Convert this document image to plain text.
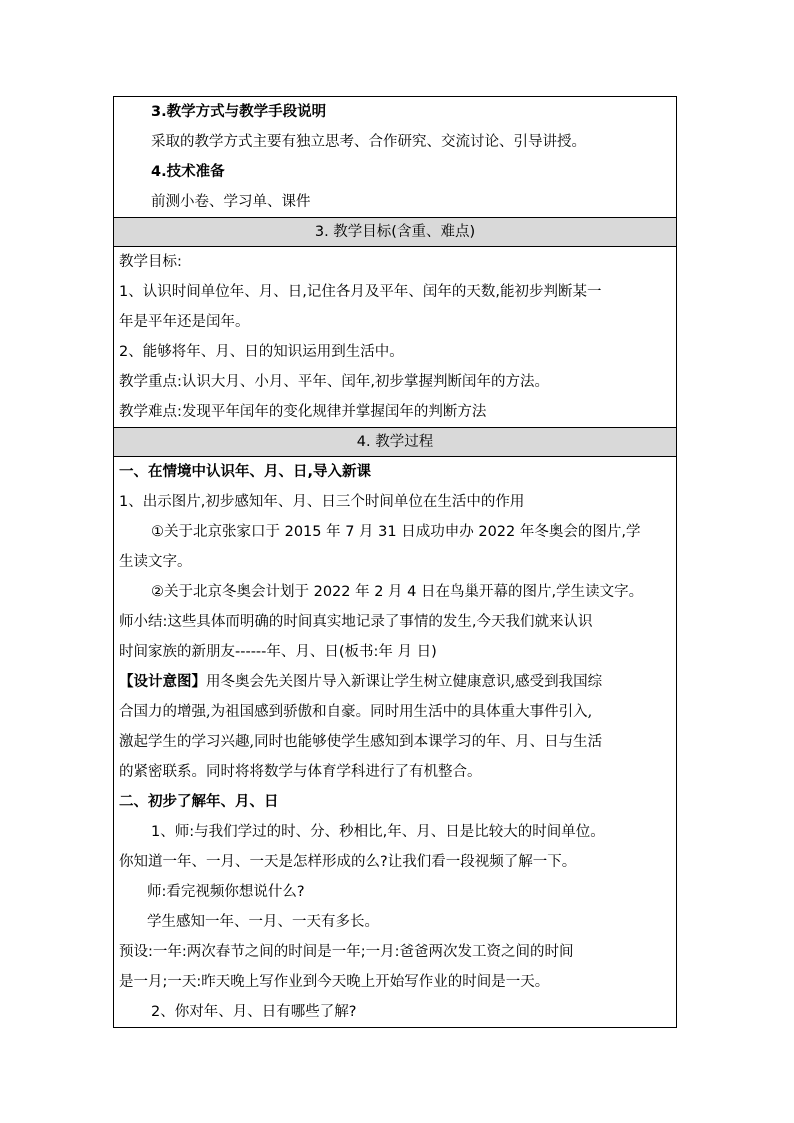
3.教学方式与教学手段说明
采取的教学方式主要有独立思考、合作研究、交流讨论、引导讲授。
4.技术准备
前测小卷、学习单、课件
3. 教学目标(含重、难点)
教学目标:
1、认识时间单位年、月、日,记住各月及平年、闰年的天数,能初步判断某一
年是平年还是闰年。
2、能够将年、月、日的知识运用到生活中。
教学重点:认识大月、小月、平年、闰年,初步掌握判断闰年的方法。
教学难点:发现平年闰年的变化规律并掌握闰年的判断方法
4. 教学过程
一、在情境中认识年、月、日,导入新课
1、出示图片,初步感知年、月、日三个时间单位在生活中的作用
①关于北京张家口于 2015 年 7 月 31 日成功申办 2022 年冬奥会的图片,学
生读文字。
②关于北京冬奥会计划于 2022 年 2 月 4 日在鸟巢开幕的图片,学生读文字。
师小结:这些具体而明确的时间真实地记录了事情的发生,今天我们就来认识
时间家族的新朋友------年、月、日(板书:年 月 日)
【设计意图】用冬奥会先关图片导入新课让学生树立健康意识,感受到我国综
合国力的增强,为祖国感到骄傲和自豪。同时用生活中的具体重大事件引入,
激起学生的学习兴趣,同时也能够使学生感知到本课学习的年、月、日与生活
的紧密联系。同时将将数学与体育学科进行了有机整合。
二、初步了解年、月、日
1、师:与我们学过的时、分、秒相比,年、月、日是比较大的时间单位。
你知道一年、一月、一天是怎样形成的么?让我们看一段视频了解一下。
师:看完视频你想说什么?
学生感知一年、一月、一天有多长。
预设:一年:两次春节之间的时间是一年;一月:爸爸两次发工资之间的时间
是一月;一天:昨天晚上写作业到今天晚上开始写作业的时间是一天。
2、你对年、月、日有哪些了解?
